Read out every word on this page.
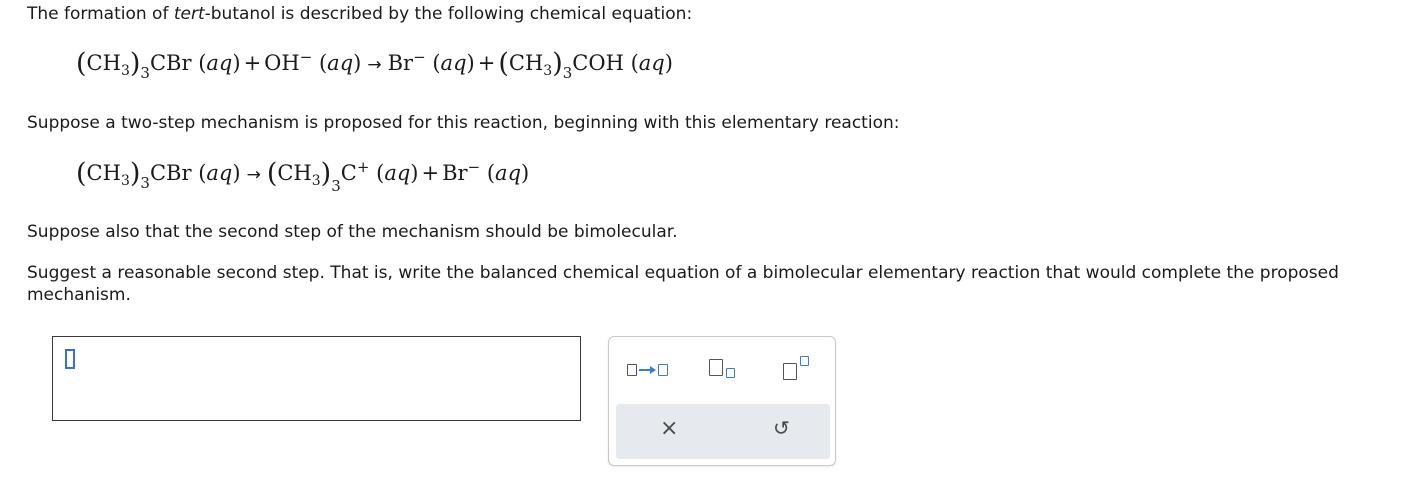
The formation of tert-butanol is described by the following chemical equation:

$(CH_3)_3CBr$ (aq) + OH− (aq) → Br− $(aq) + (CH_3)_3COH$ (aq)

Suppose a two-step mechanism is proposed for this reaction, beginning with this elementary reaction:

$(CH_3)_3CBr$ $(aq) \to (CH_3)_3C^+$ (aq) + Br− (aq)

Suppose also that the second step of the mechanism should be bimolecular.

Suggest a reasonable second step. That is, write the balanced chemical equation of a bimolecular elementary reaction that would complete the proposed mechanism.

×	↺
